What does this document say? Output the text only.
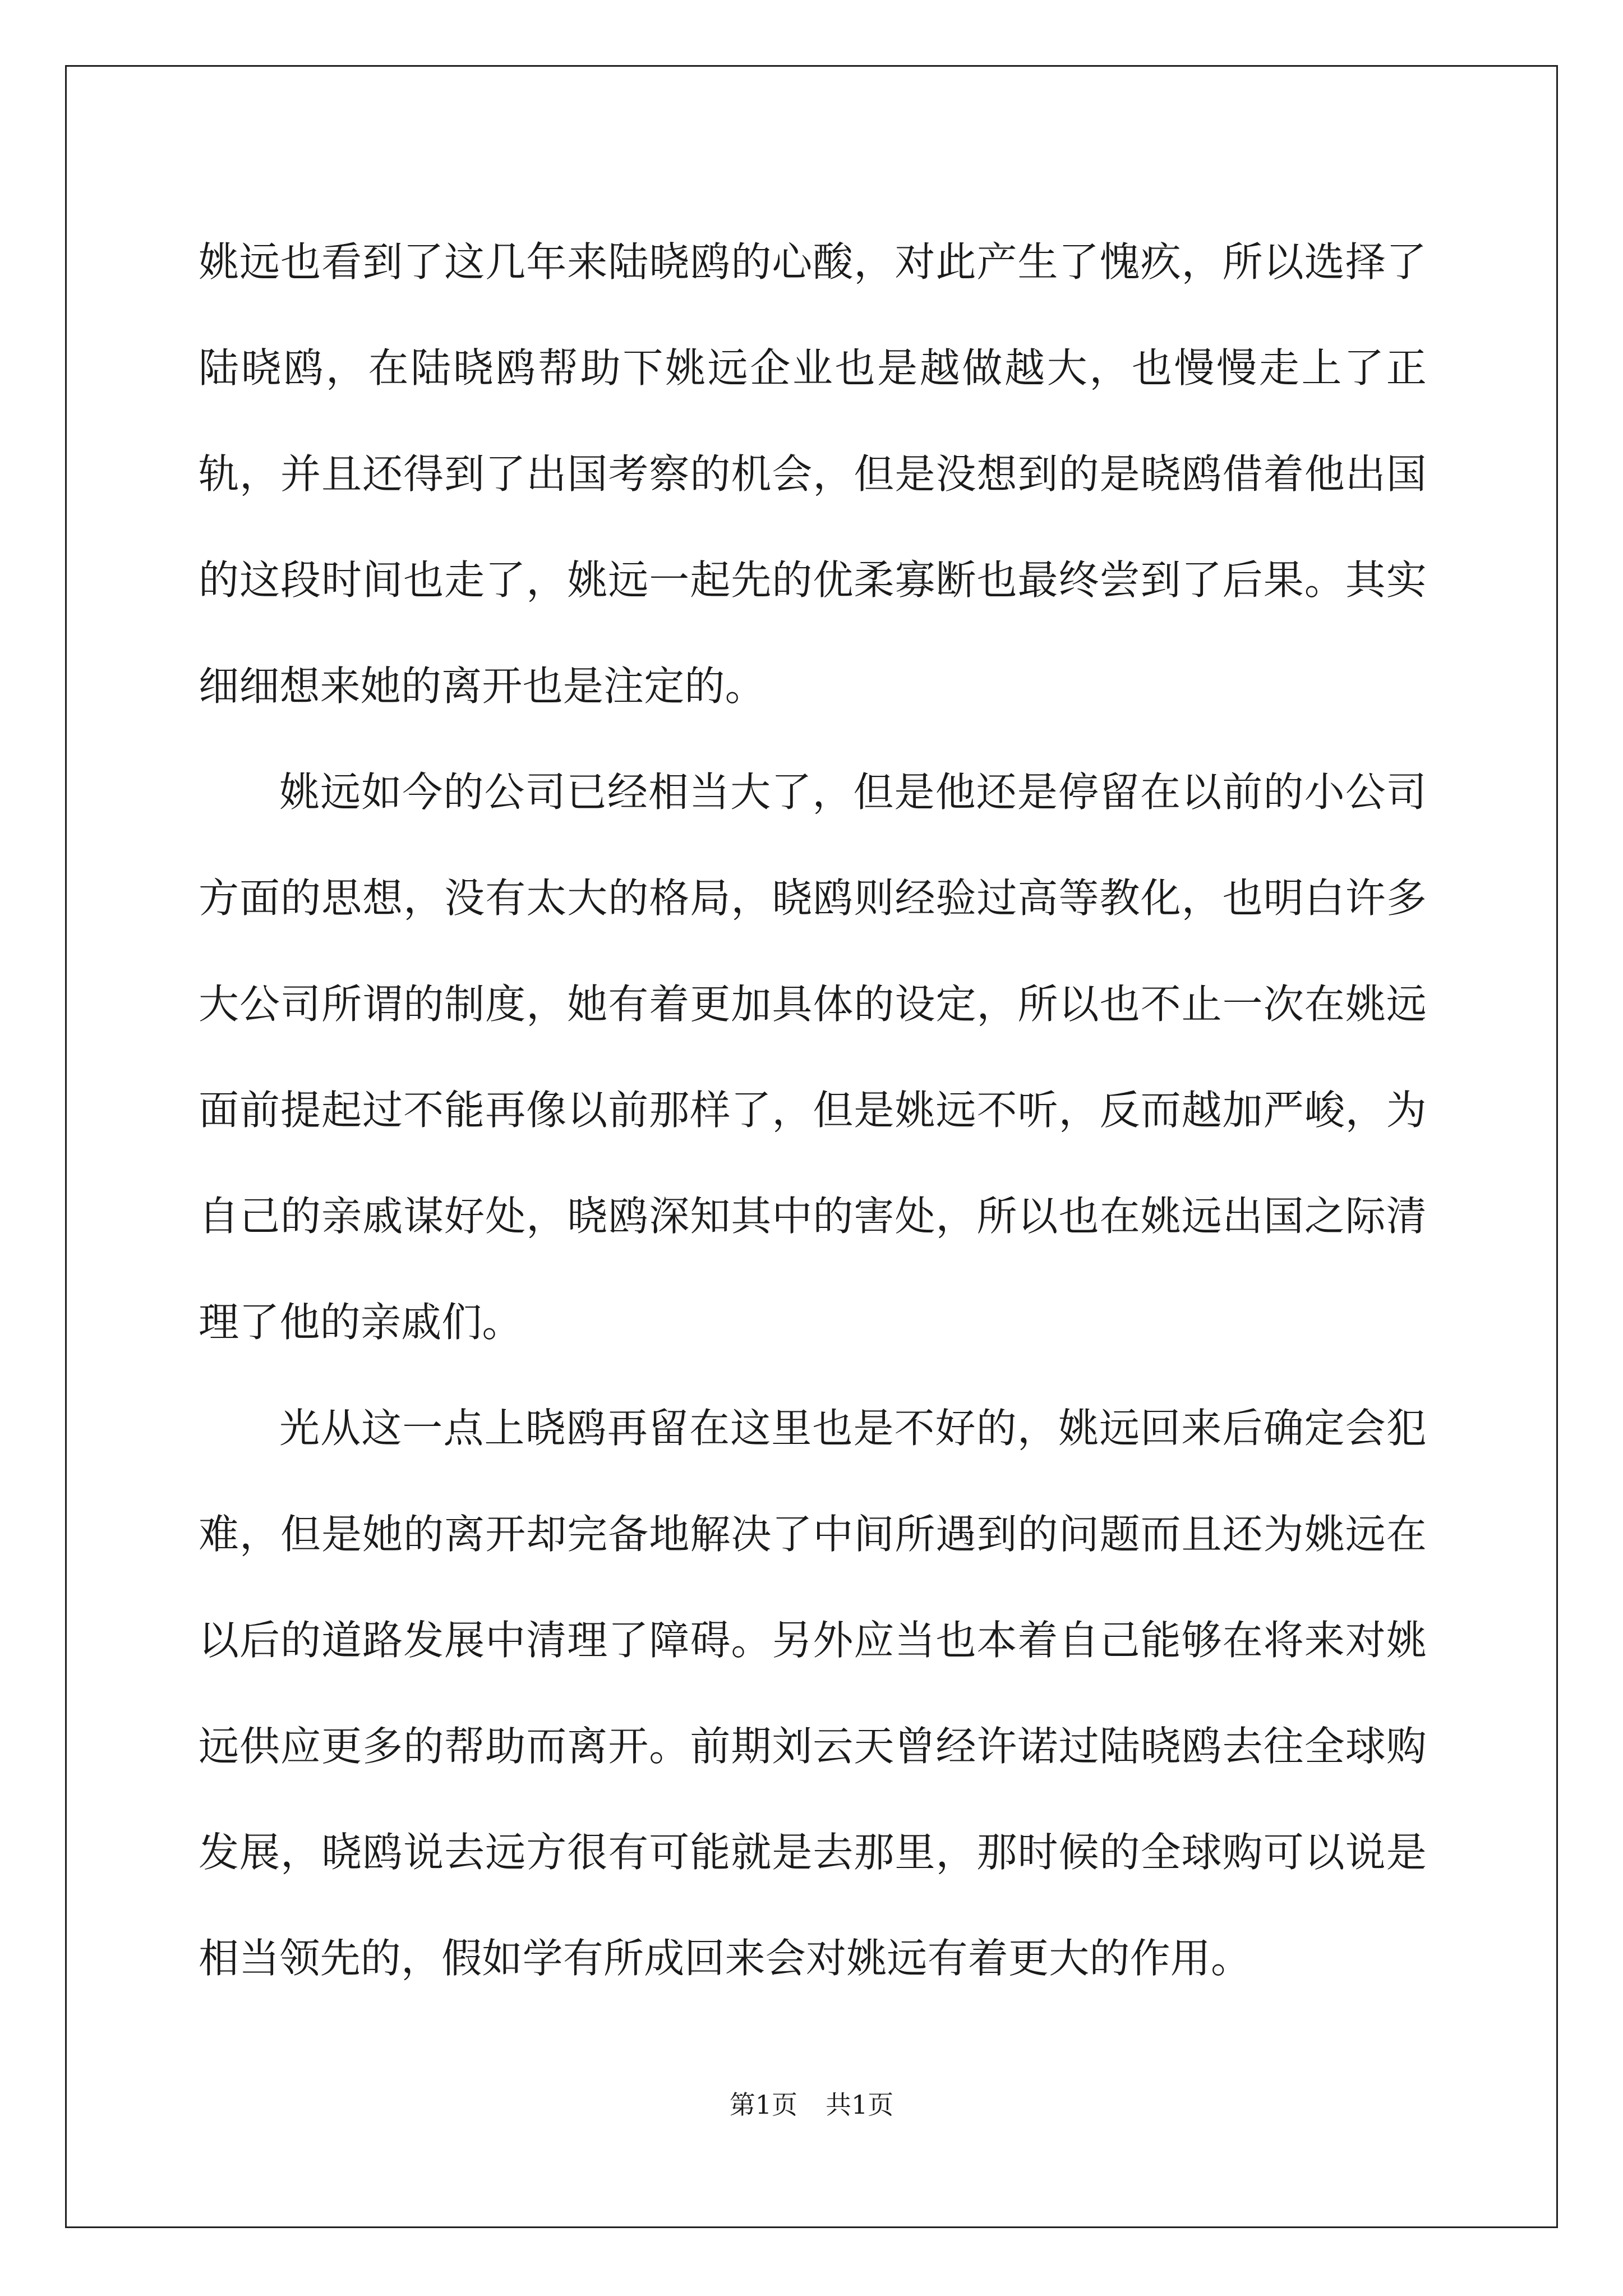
姚远也看到了这几年来陆晓鸥的心酸，对此产生了愧疚，所以选择了陆晓鸥，在陆晓鸥帮助下姚远企业也是越做越大，也慢慢走上了正轨，并且还得到了出国考察的机会，但是没想到的是晓鸥借着他出国的这段时间也走了，姚远一起先的优柔寡断也最终尝到了后果。其实细细想来她的离开也是注定的。

姚远如今的公司已经相当大了，但是他还是停留在以前的小公司方面的思想，没有太大的格局，晓鸥则经验过高等教化，也明白许多大公司所谓的制度，她有着更加具体的设定，所以也不止一次在姚远面前提起过不能再像以前那样了，但是姚远不听，反而越加严峻，为自己的亲戚谋好处，晓鸥深知其中的害处，所以也在姚远出国之际清理了他的亲戚们。

光从这一点上晓鸥再留在这里也是不好的，姚远回来后确定会犯难，但是她的离开却完备地解决了中间所遇到的问题而且还为姚远在以后的道路发展中清理了障碍。另外应当也本着自己能够在将来对姚远供应更多的帮助而离开。前期刘云天曾经许诺过陆晓鸥去往全球购发展，晓鸥说去远方很有可能就是去那里，那时候的全球购可以说是相当领先的，假如学有所成回来会对姚远有着更大的作用。

第1页 共1页
